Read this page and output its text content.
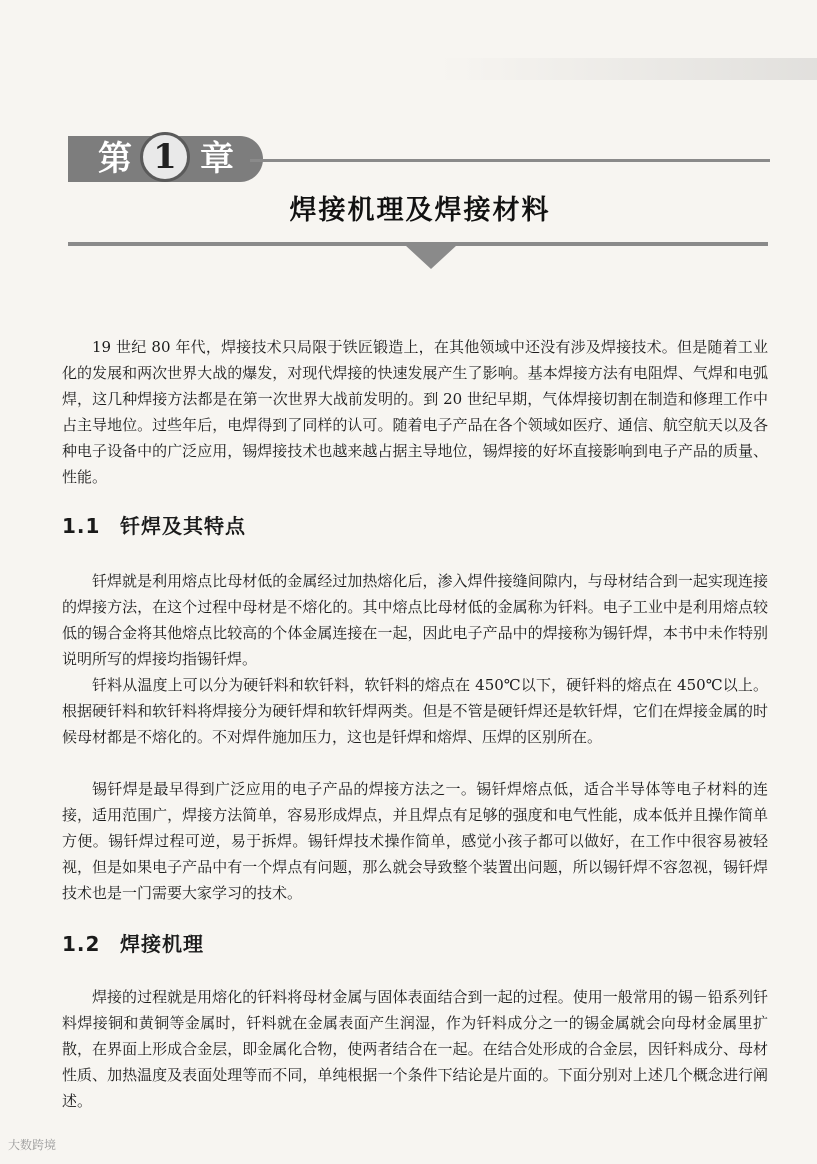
第 1 章
焊接机理及焊接材料

19 世纪 80 年代，焊接技术只局限于铁匠锻造上，在其他领域中还没有涉及焊接技术。但是随着工业化的发展和两次世界大战的爆发，对现代焊接的快速发展产生了影响。基本焊接方法有电阻焊、气焊和电弧焊，这几种焊接方法都是在第一次世界大战前发明的。到 20 世纪早期，气体焊接切割在制造和修理工作中占主导地位。过些年后，电焊得到了同样的认可。随着电子产品在各个领域如医疗、通信、航空航天以及各种电子设备中的广泛应用，锡焊接技术也越来越占据主导地位，锡焊接的好坏直接影响到电子产品的质量、性能。

1.1 钎焊及其特点

钎焊就是利用熔点比母材低的金属经过加热熔化后，渗入焊件接缝间隙内，与母材结合到一起实现连接的焊接方法，在这个过程中母材是不熔化的。其中熔点比母材低的金属称为钎料。电子工业中是利用熔点较低的锡合金将其他熔点比较高的个体金属连接在一起，因此电子产品中的焊接称为锡钎焊，本书中未作特别说明所写的焊接均指锡钎焊。

钎料从温度上可以分为硬钎料和软钎料，软钎料的熔点在 450℃以下，硬钎料的熔点在 450℃以上。根据硬钎料和软钎料将焊接分为硬钎焊和软钎焊两类。但是不管是硬钎焊还是软钎焊，它们在焊接金属的时候母材都是不熔化的。不对焊件施加压力，这也是钎焊和熔焊、压焊的区别所在。

锡钎焊是最早得到广泛应用的电子产品的焊接方法之一。锡钎焊熔点低，适合半导体等电子材料的连接，适用范围广，焊接方法简单，容易形成焊点，并且焊点有足够的强度和电气性能，成本低并且操作简单方便。锡钎焊过程可逆，易于拆焊。锡钎焊技术操作简单，感觉小孩子都可以做好，在工作中很容易被轻视，但是如果电子产品中有一个焊点有问题，那么就会导致整个装置出问题，所以锡钎焊不容忽视，锡钎焊技术也是一门需要大家学习的技术。

1.2 焊接机理

焊接的过程就是用熔化的钎料将母材金属与固体表面结合到一起的过程。使用一般常用的锡－铅系列钎料焊接铜和黄铜等金属时，钎料就在金属表面产生润湿，作为钎料成分之一的锡金属就会向母材金属里扩散，在界面上形成合金层，即金属化合物，使两者结合在一起。在结合处形成的合金层，因钎料成分、母材性质、加热温度及表面处理等而不同，单纯根据一个条件下结论是片面的。下面分别对上述几个概念进行阐述。

大数跨境
